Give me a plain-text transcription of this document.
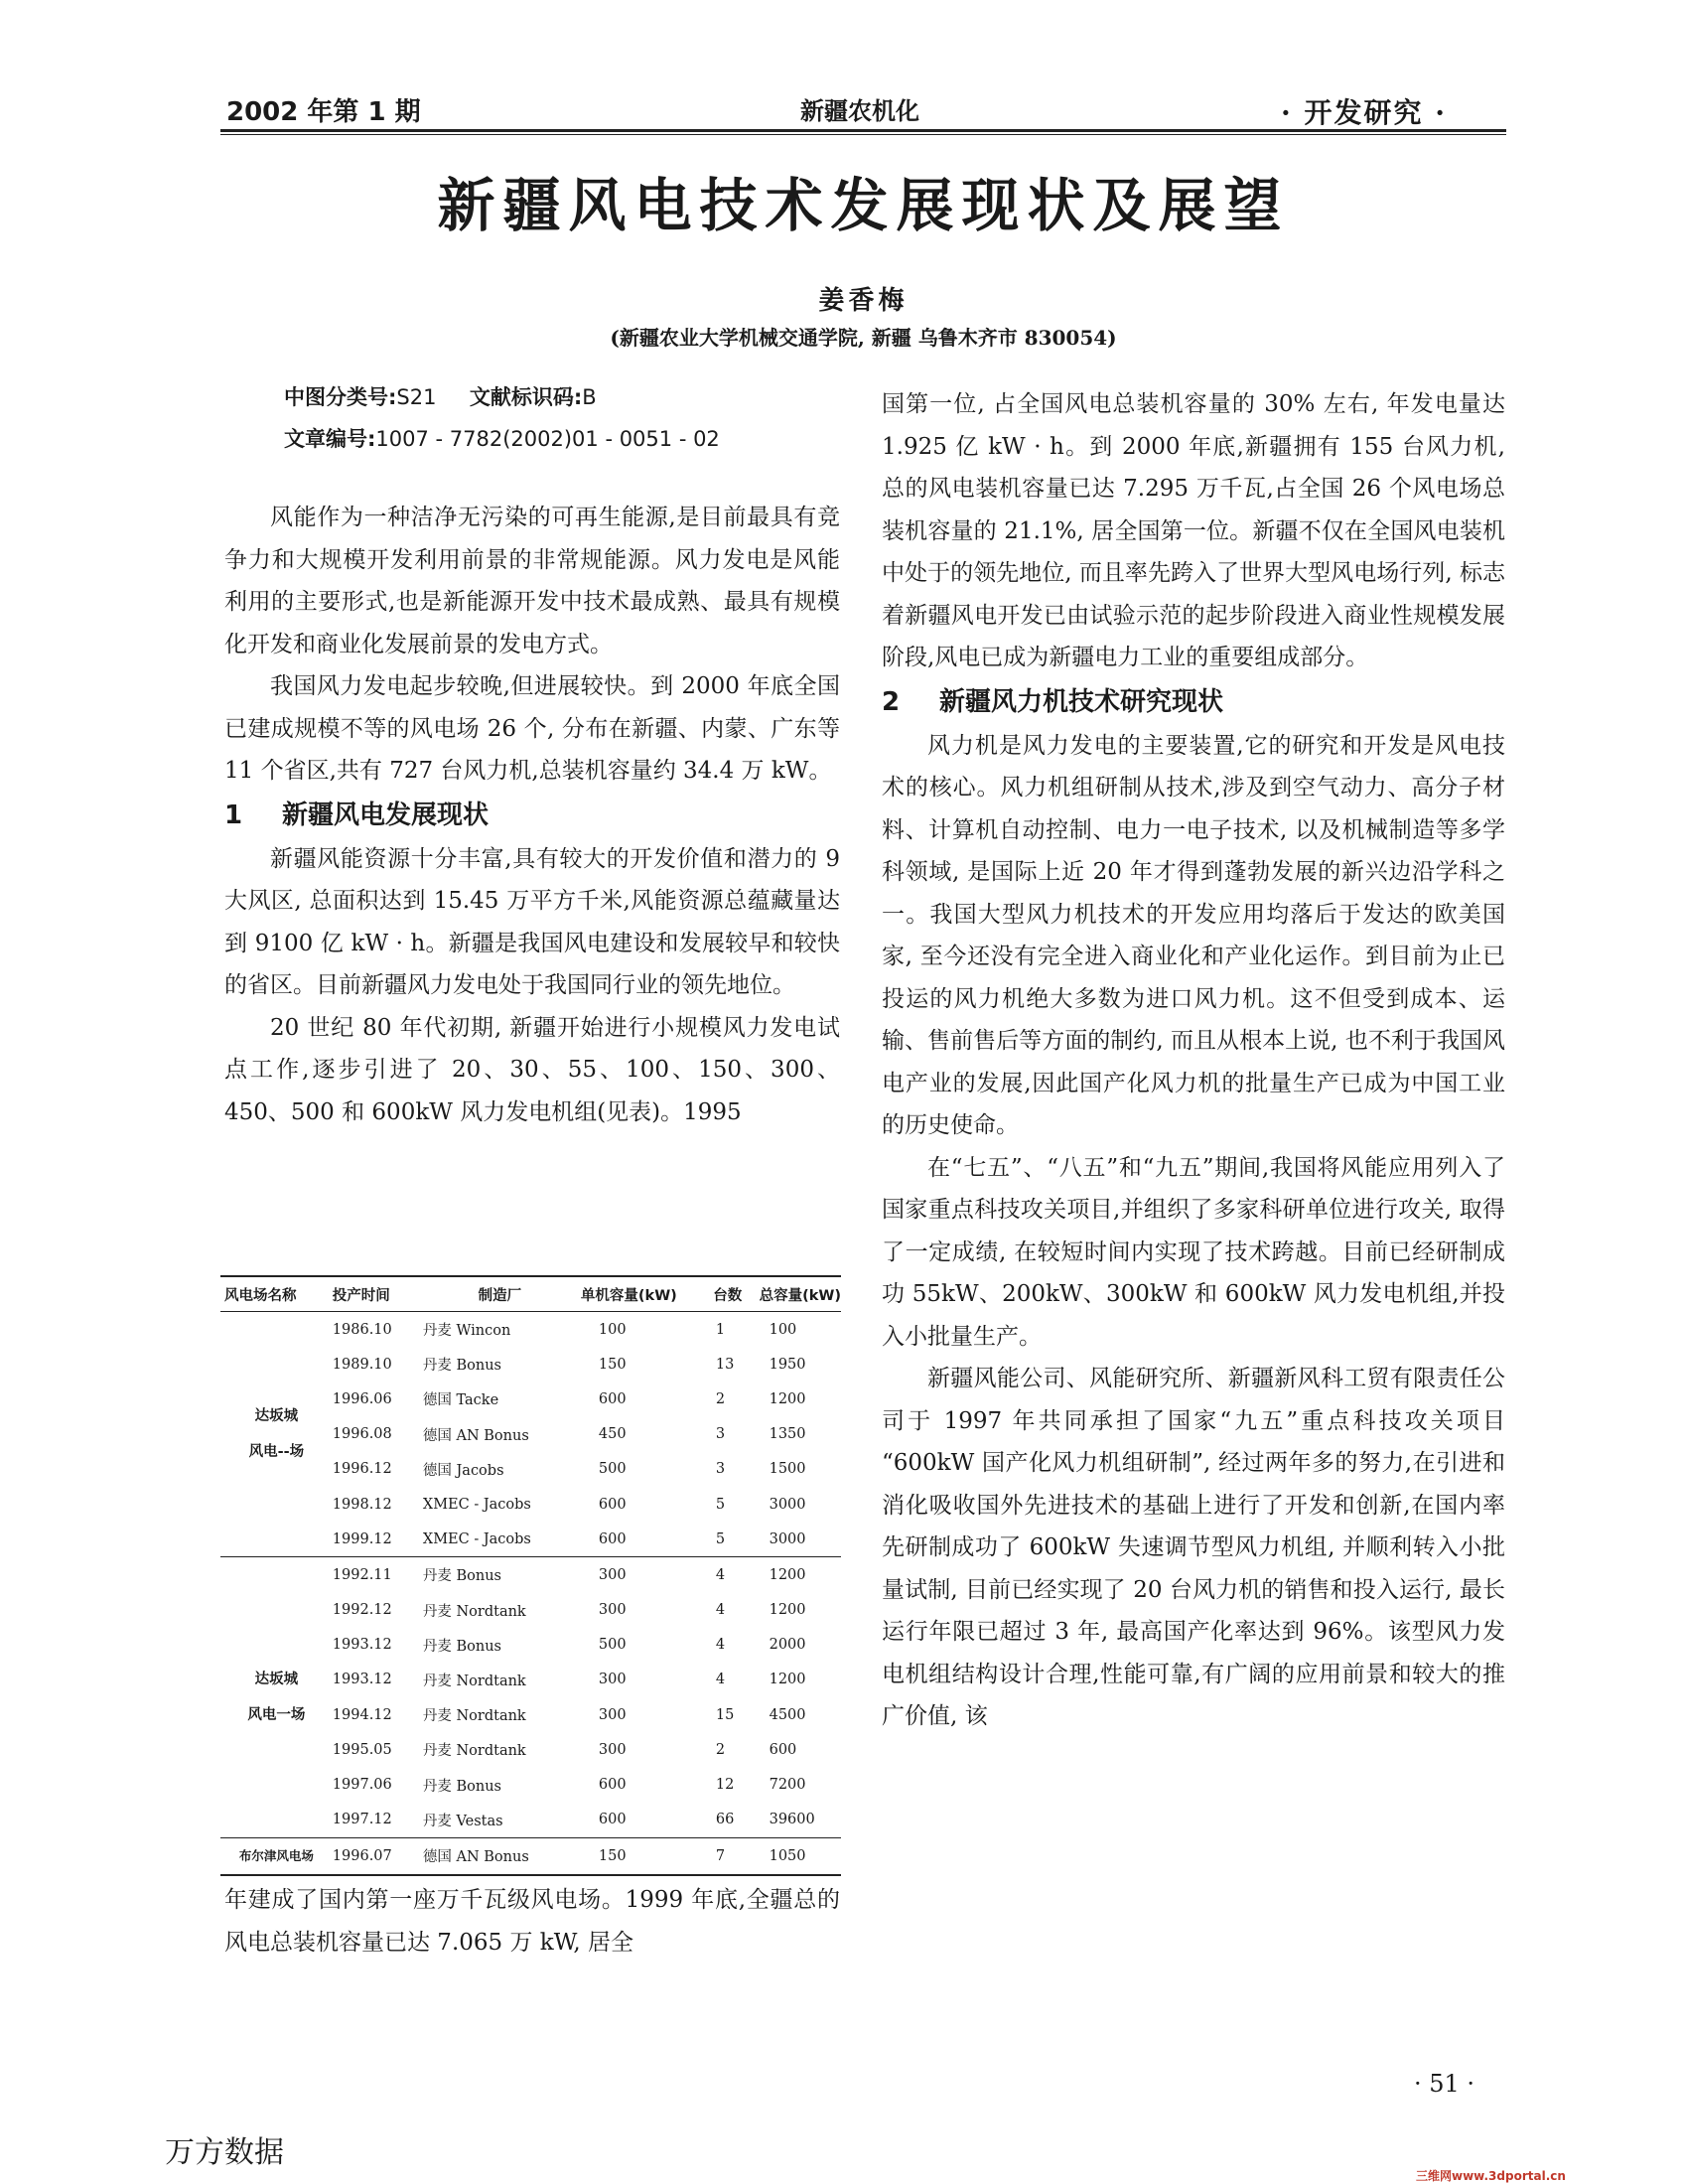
2002 年第 1 期	新疆农机化	· 开发研究 ·
新疆风电技术发展现状及展望
姜香梅
(新疆农业大学机械交通学院, 新疆 乌鲁木齐市 830054)
中图分类号:S21 文献标识码:B
文章编号:1007 - 7782(2002)01 - 0051 - 02

风能作为一种洁净无污染的可再生能源,是目前最具有竞争力和大规模开发利用前景的非常规能源。风力发电是风能利用的主要形式,也是新能源开发中技术最成熟、最具有规模化开发和商业化发展前景的发电方式。

我国风力发电起步较晚,但进展较快。到 2000 年底全国已建成规模不等的风电场 26 个, 分布在新疆、内蒙、广东等 11 个省区,共有 727 台风力机,总装机容量约 34.4 万 kW。

1 新疆风电发展现状

新疆风能资源十分丰富,具有较大的开发价值和潜力的 9 大风区, 总面积达到 15.45 万平方千米,风能资源总蕴藏量达到 9100 亿 kW · h。新疆是我国风电建设和发展较早和较快的省区。目前新疆风力发电处于我国同行业的领先地位。

20 世纪 80 年代初期, 新疆开始进行小规模风力发电试点工作,逐步引进了 20、30、55、100、150、300、450、500 和 600kW 风力发电机组(见表)。1995

风电场名称	投产时间	制造厂	单机容量(kW)	台数	总容量(kW)
达坂城
风电--场	1986.10	丹麦 Wincon	100	1	100
	1989.10	丹麦 Bonus	150	13	1950
	1996.06	德国 Tacke	600	2	1200
	1996.08	德国 AN Bonus	450	3	1350
	1996.12	德国 Jacobs	500	3	1500
	1998.12	XMEC - Jacobs	600	5	3000
	1999.12	XMEC - Jacobs	600	5	3000
达坂城
风电一场	1992.11	丹麦 Bonus	300	4	1200
	1992.12	丹麦 Nordtank	300	4	1200
	1993.12	丹麦 Bonus	500	4	2000
	1993.12	丹麦 Nordtank	300	4	1200
	1994.12	丹麦 Nordtank	300	15	4500
	1995.05	丹麦 Nordtank	300	2	600
	1997.06	丹麦 Bonus	600	12	7200
	1997.12	丹麦 Vestas	600	66	39600
布尔津风电场	1996.07	德国 AN Bonus	150	7	1050

年建成了国内第一座万千瓦级风电场。1999 年底,全疆总的风电总装机容量已达 7.065 万 kW, 居全

国第一位, 占全国风电总装机容量的 30% 左右, 年发电量达 1.925 亿 kW · h。到 2000 年底,新疆拥有 155 台风力机, 总的风电装机容量已达 7.295 万千瓦,占全国 26 个风电场总装机容量的 21.1%, 居全国第一位。新疆不仅在全国风电装机中处于的领先地位, 而且率先跨入了世界大型风电场行列, 标志着新疆风电开发已由试验示范的起步阶段进入商业性规模发展阶段,风电已成为新疆电力工业的重要组成部分。

2 新疆风力机技术研究现状

风力机是风力发电的主要装置,它的研究和开发是风电技术的核心。风力机组研制从技术,涉及到空气动力、高分子材料、计算机自动控制、电力一电子技术, 以及机械制造等多学科领域, 是国际上近 20 年才得到蓬勃发展的新兴边沿学科之一。我国大型风力机技术的开发应用均落后于发达的欧美国家, 至今还没有完全进入商业化和产业化运作。到目前为止已投运的风力机绝大多数为进口风力机。这不但受到成本、运输、售前售后等方面的制约, 而且从根本上说, 也不利于我国风电产业的发展,因此国产化风力机的批量生产已成为中国工业的历史使命。

在“七五”、“八五”和“九五”期间,我国将风能应用列入了国家重点科技攻关项目,并组织了多家科研单位进行攻关, 取得了一定成绩, 在较短时间内实现了技术跨越。目前已经研制成功 55kW、200kW、300kW 和 600kW 风力发电机组,并投入小批量生产。

新疆风能公司、风能研究所、新疆新风科工贸有限责任公司于 1997 年共同承担了国家“九五”重点科技攻关项目 “600kW 国产化风力机组研制”, 经过两年多的努力,在引进和消化吸收国外先进技术的基础上进行了开发和创新,在国内率先研制成功了 600kW 失速调节型风力机组, 并顺利转入小批量试制, 目前已经实现了 20 台风力机的销售和投入运行, 最长运行年限已超过 3 年, 最高国产化率达到 96%。该型风力发电机组结构设计合理,性能可靠,有广阔的应用前景和较大的推广价值, 该

· 51 ·
万方数据
三维网www.3dportal.cn
